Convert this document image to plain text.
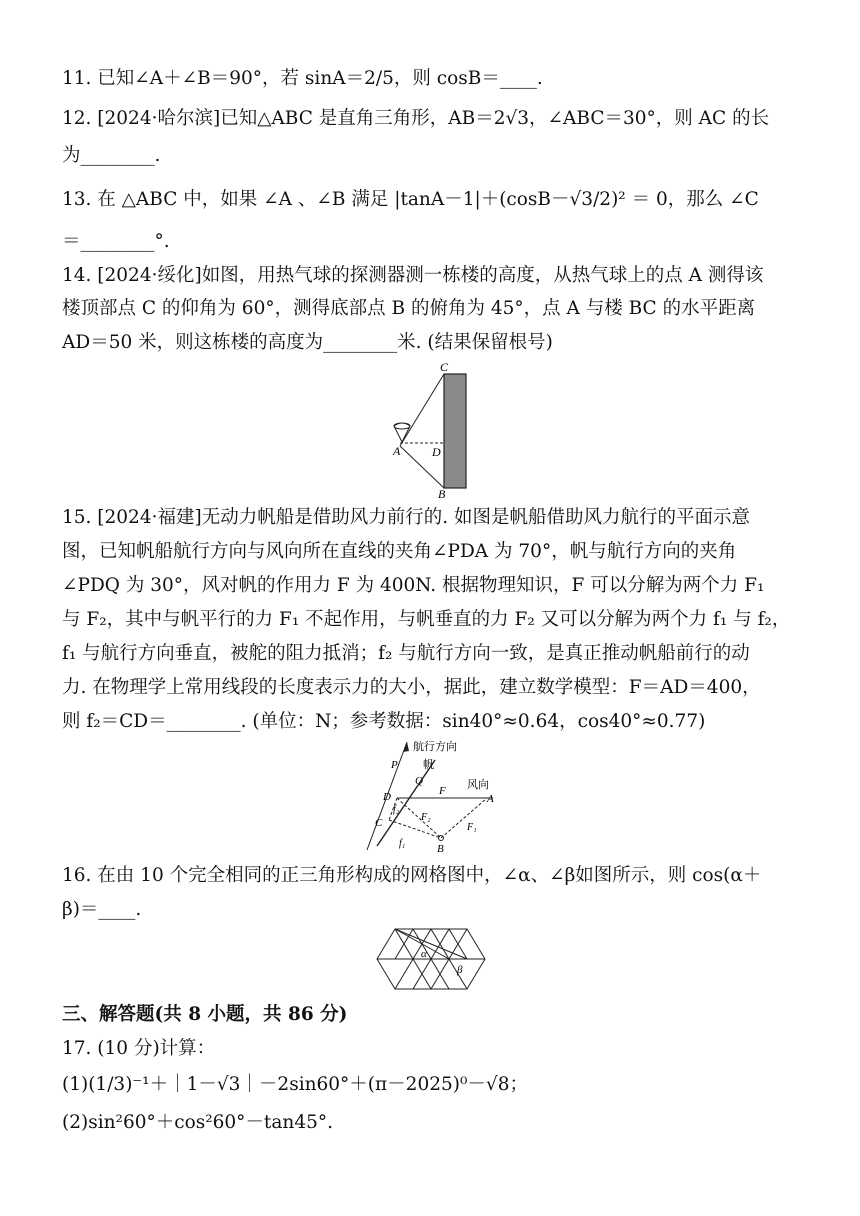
11. 已知∠A＋∠B＝90°，若 sinA＝2/5，则 cosB＝____.
12. [2024·哈尔滨]已知△ABC 是直角三角形，AB＝2√3，∠ABC＝30°，则 AC 的长
为________.
13. 在 △ABC 中，如果 ∠A 、∠B 满足 |tanA－1|＋(cosB－√3/2)² ＝ 0，那么 ∠C
＝________°.
14. [2024·绥化]如图，用热气球的探测器测一栋楼的高度，从热气球上的点 A 测得该
楼顶部点 C 的仰角为 60°，测得底部点 B 的俯角为 45°，点 A 与楼 BC 的水平距离
AD＝50 米，则这栋楼的高度为________米. (结果保留根号)
C
A	D
B
15. [2024·福建]无动力帆船是借助风力前行的. 如图是帆船借助风力航行的平面示意
图，已知帆船航行方向与风向所在直线的夹角∠PDA 为 70°，帆与航行方向的夹角
∠PDQ 为 30°，风对帆的作用力 F 为 400N. 根据物理知识，F 可以分解为两个力 F₁
与 F₂，其中与帆平行的力 F₁ 不起作用，与帆垂直的力 F₂ 又可以分解为两个力 f₁ 与 f₂，
f₁ 与航行方向垂直，被舵的阻力抵消；f₂ 与航行方向一致，是真正推动帆船前行的动
力. 在物理学上常用线段的长度表示力的大小，据此，建立数学模型：F＝AD＝400，
则 f₂＝CD＝________. (单位：N；参考数据：sin40°≈0.64，cos40°≈0.77)
航行方向
帆
风向
P
Q
F
A
D
C
B
F₁
F₂
f₁
f₂
16. 在由 10 个完全相同的正三角形构成的网格图中，∠α、∠β如图所示，则 cos(α＋
β)＝____.
α
β
三、解答题(共 8 小题，共 86 分)
17. (10 分)计算：
(1)(1/3)⁻¹＋｜1－√3｜－2sin60°＋(π－2025)⁰－√8；
(2)sin²60°＋cos²60°－tan45°.
